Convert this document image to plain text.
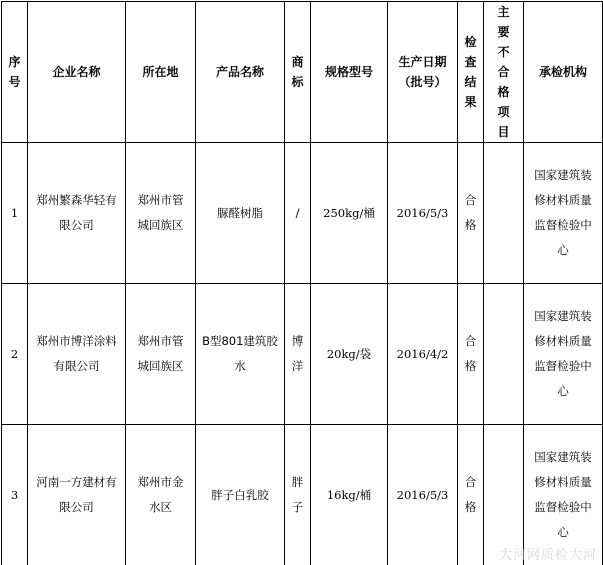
序号	企业名称	所在地	产品名称	商标	规格型号	生产日期（批号）	检查结果	主要不合格项目	承检机构
1	郑州繁森华轻有限公司	郑州市管城回族区	脲醛树脂	/	250kg/桶	2016/5/3	合格		国家建筑装修材料质量监督检验中心
2	郑州市博洋涂料有限公司	郑州市管城回族区	B型801建筑胶水	博洋	20kg/袋	2016/4/2	合格		国家建筑装修材料质量监督检验中心
3	河南一方建材有限公司	郑州市金水区	胖子白乳胶	胖子	16kg/桶	2016/5/3	合格		国家建筑装修材料质量监督检验中心
大河网质检大河
